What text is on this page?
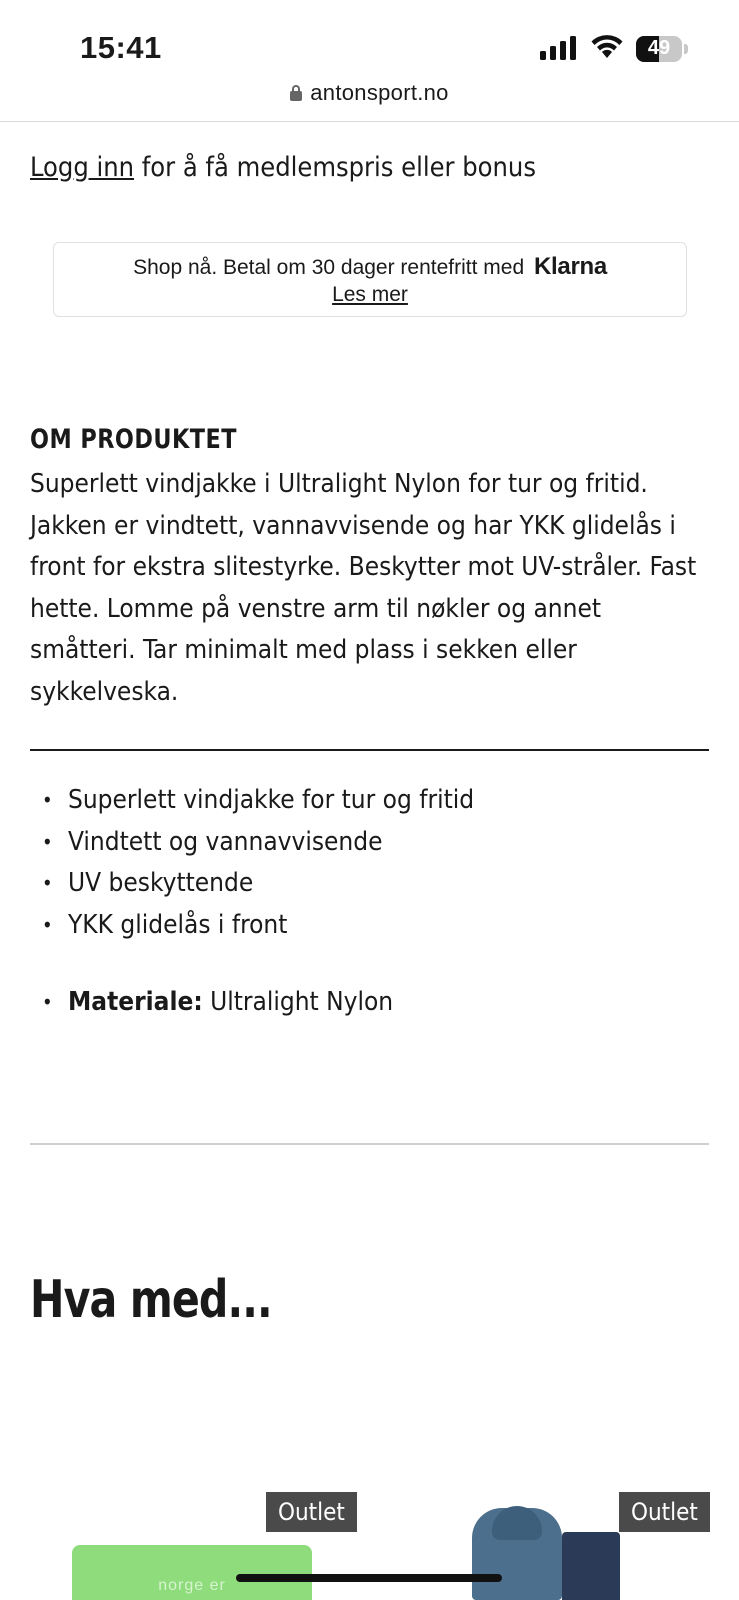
15:41	49
antonsport.no
Logg inn for å få medlemspris eller bonus
Shop nå. Betal om 30 dager rentefritt med Klarna
Les mer
OM PRODUKTET

Superlett vindjakke i Ultralight Nylon for tur og fritid. Jakken er vindtett, vannavvisende og har YKK glidelås i front for ekstra slitestyrke. Beskytter mot UV-stråler. Fast hette. Lomme på venstre arm til nøkler og annet småtteri. Tar minimalt med plass i sekken eller sykkelveska.

• Superlett vindjakke for tur og fritid
• Vindtett og vannavvisende
• UV beskyttende
• YKK glidelås i front
• Materiale: Ultralight Nylon
Hva med...
norge er
Outlet	Outlet
